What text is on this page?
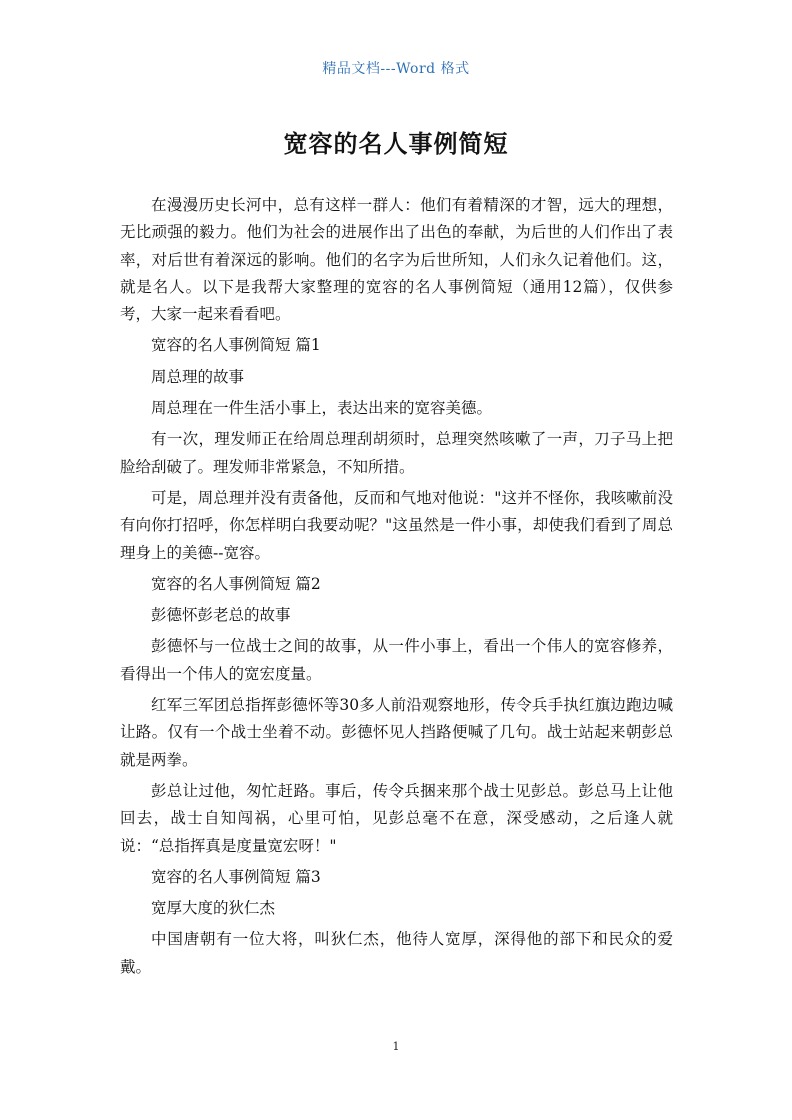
精品文档---Word 格式
宽容的名人事例简短

在漫漫历史长河中，总有这样一群人：他们有着精深的才智，远大的理想，无比顽强的毅力。他们为社会的进展作出了出色的奉献，为后世的人们作出了表率，对后世有着深远的影响。他们的名字为后世所知，人们永久记着他们。这，就是名人。以下是我帮大家整理的宽容的名人事例简短（通用12篇），仅供参考，大家一起来看看吧。

宽容的名人事例简短 篇1

周总理的故事

周总理在一件生活小事上，表达出来的宽容美德。

有一次，理发师正在给周总理刮胡须时，总理突然咳嗽了一声，刀子马上把脸给刮破了。理发师非常紧急，不知所措。

可是，周总理并没有责备他，反而和气地对他说："这并不怪你，我咳嗽前没有向你打招呼，你怎样明白我要动呢？"这虽然是一件小事，却使我们看到了周总理身上的美德--宽容。

宽容的名人事例简短 篇2

彭德怀彭老总的故事

彭德怀与一位战士之间的故事，从一件小事上，看出一个伟人的宽容修养，看得出一个伟人的宽宏度量。

红军三军团总指挥彭德怀等30多人前沿观察地形，传令兵手执红旗边跑边喊让路。仅有一个战士坐着不动。彭德怀见人挡路便喊了几句。战士站起来朝彭总就是两拳。

彭总让过他，匆忙赶路。事后，传令兵捆来那个战士见彭总。彭总马上让他回去，战士自知闯祸，心里可怕，见彭总毫不在意，深受感动，之后逢人就说：“总指挥真是度量宽宏呀！"

宽容的名人事例简短 篇3

宽厚大度的狄仁杰

中国唐朝有一位大将，叫狄仁杰，他待人宽厚，深得他的部下和民众的爱戴。

1
